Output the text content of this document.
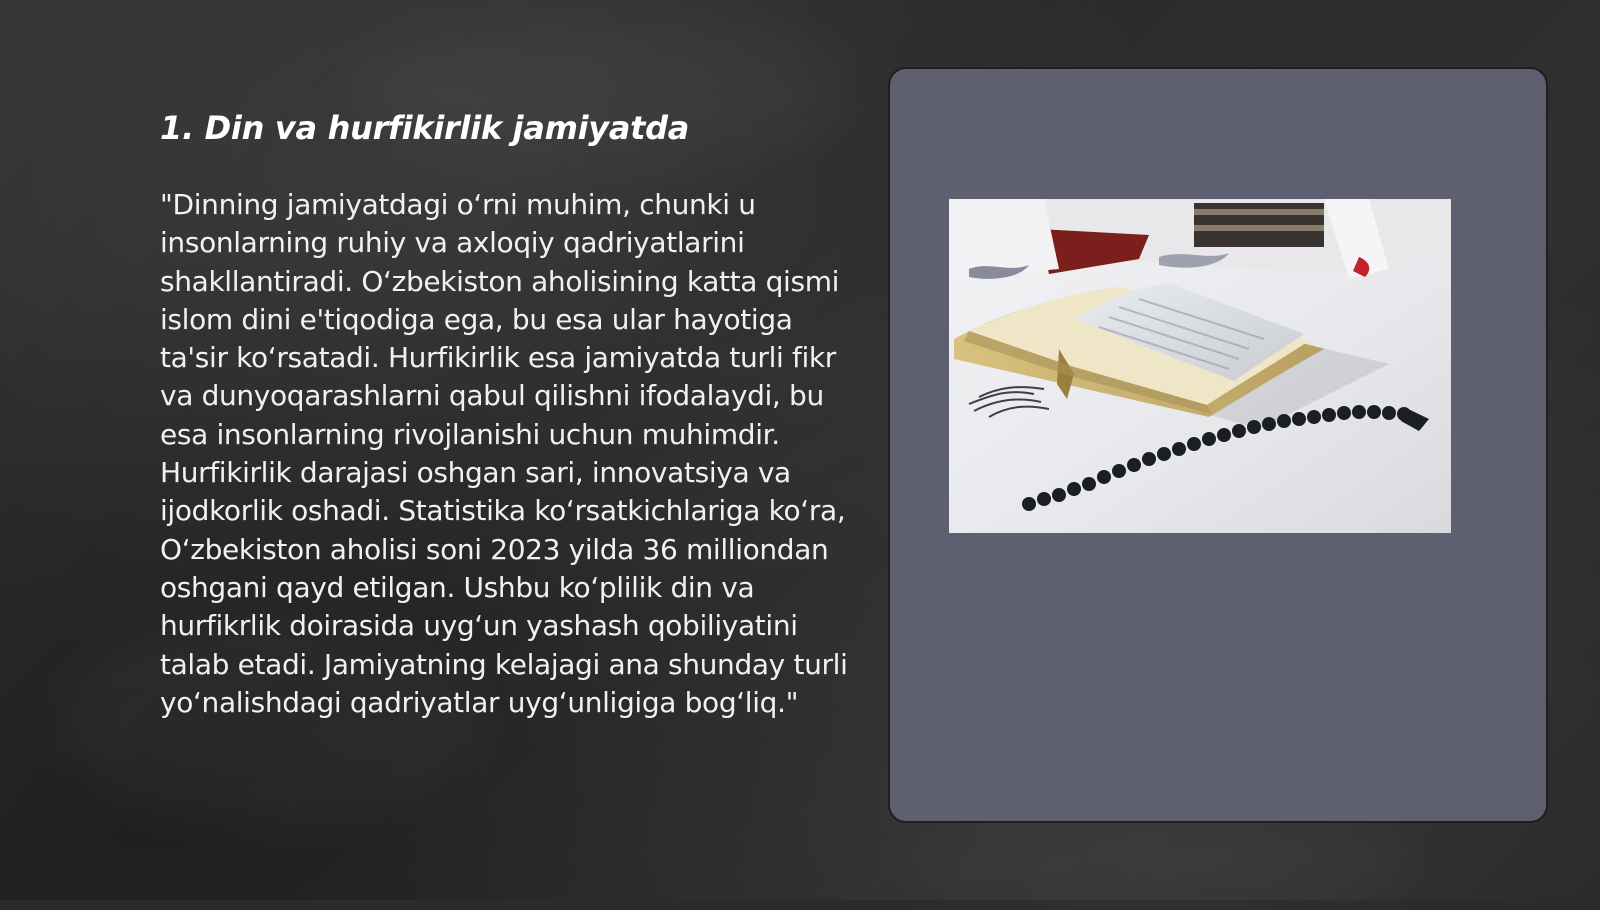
1. Din va hurfikirlik jamiyatda

"Dinning jamiyatdagi o‘rni muhim, chunki u insonlarning ruhiy va axloqiy qadriyatlarini shakllantiradi. O‘zbekiston aholisining katta qismi islom dini e'tiqodiga ega, bu esa ular hayotiga ta'sir ko‘rsatadi. Hurfikirlik esa jamiyatda turli fikr va dunyoqarashlarni qabul qilishni ifodalaydi, bu esa insonlarning rivojlanishi uchun muhimdir. Hurfikirlik darajasi oshgan sari, innovatsiya va ijodkorlik oshadi. Statistika ko‘rsatkichlariga ko‘ra, O‘zbekiston aholisi soni 2023 yilda 36 milliondan oshgani qayd etilgan. Ushbu ko‘plilik din va hurfikrlik doirasida uyg‘un yashash qobiliyatini talab etadi. Jamiyatning kelajagi ana shunday turli yo‘nalishdagi qadriyatlar uyg‘unligiga bog‘liq."
